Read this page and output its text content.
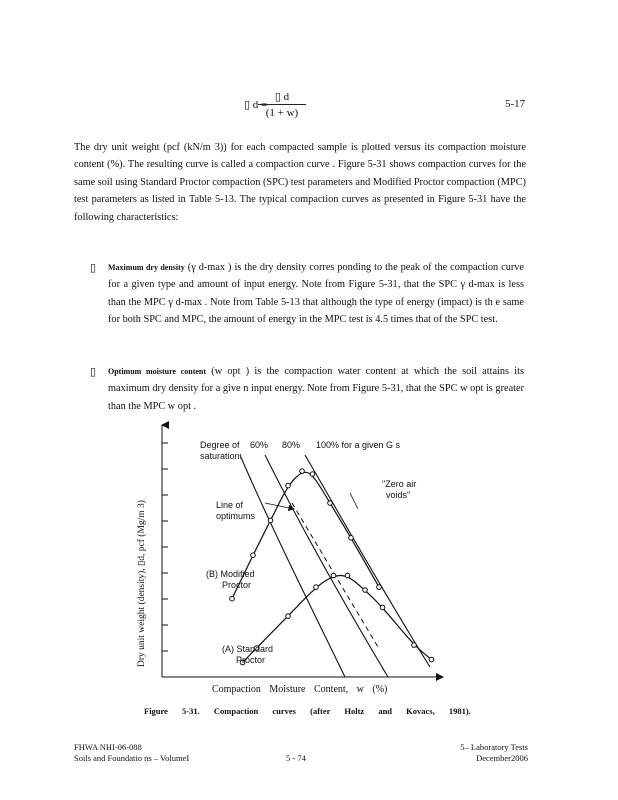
▯ d =
$\frac{▯ d}{(1 + w)}$	5-17
The dry unit weight (pcf (kN/m 3)) for each compacted sample is plotted versus its compaction moisture content (%). The resulting curve is called a compaction curve . Figure 5-31 shows compaction curves for the same soil using Standard Proctor compaction (SPC) test parameters and Modified Proctor compaction (MPC) test parameters as listed in Table 5-13. The typical compaction curves as presented in Figure 5-31 have the following characteristics:
▯ Maximum dry density (γ d-max ) is the dry density corres ponding to the peak of the compaction curve for a given type and amount of input energy. Note from Figure 5-31, that the SPC γ d-max is less than the MPC γ d-max . Note from Table 5-13 that although the type of energy (impact) is th e same for both SPC and MPC, the amount of energy in the MPC test is 4.5 times that of the SPC test.
▯ Optimum moisture content (w opt ) is the compaction water content at which the soil attains its maximum dry density for a give n input energy. Note from Figure 5-31, that the SPC w opt is greater than the MPC w opt .
Degree of
saturation:
60% 80% 100% for a given G s
"Zero air
voids"
Line of
optimums
(B) Modified
Proctor
(A) Standard
Proctor
Dry unit weight (density), ▯d, pcf (Mg/m 3)
Compaction Moisture Content, w (%)
Figure 5-31. Compaction curves (after Holtz and Kovacs, 1981).
FHWA NHI-06-088
Soils and Foundatio ns – VolumeI	5 - 74
5– Laboratory Tests
December2006
